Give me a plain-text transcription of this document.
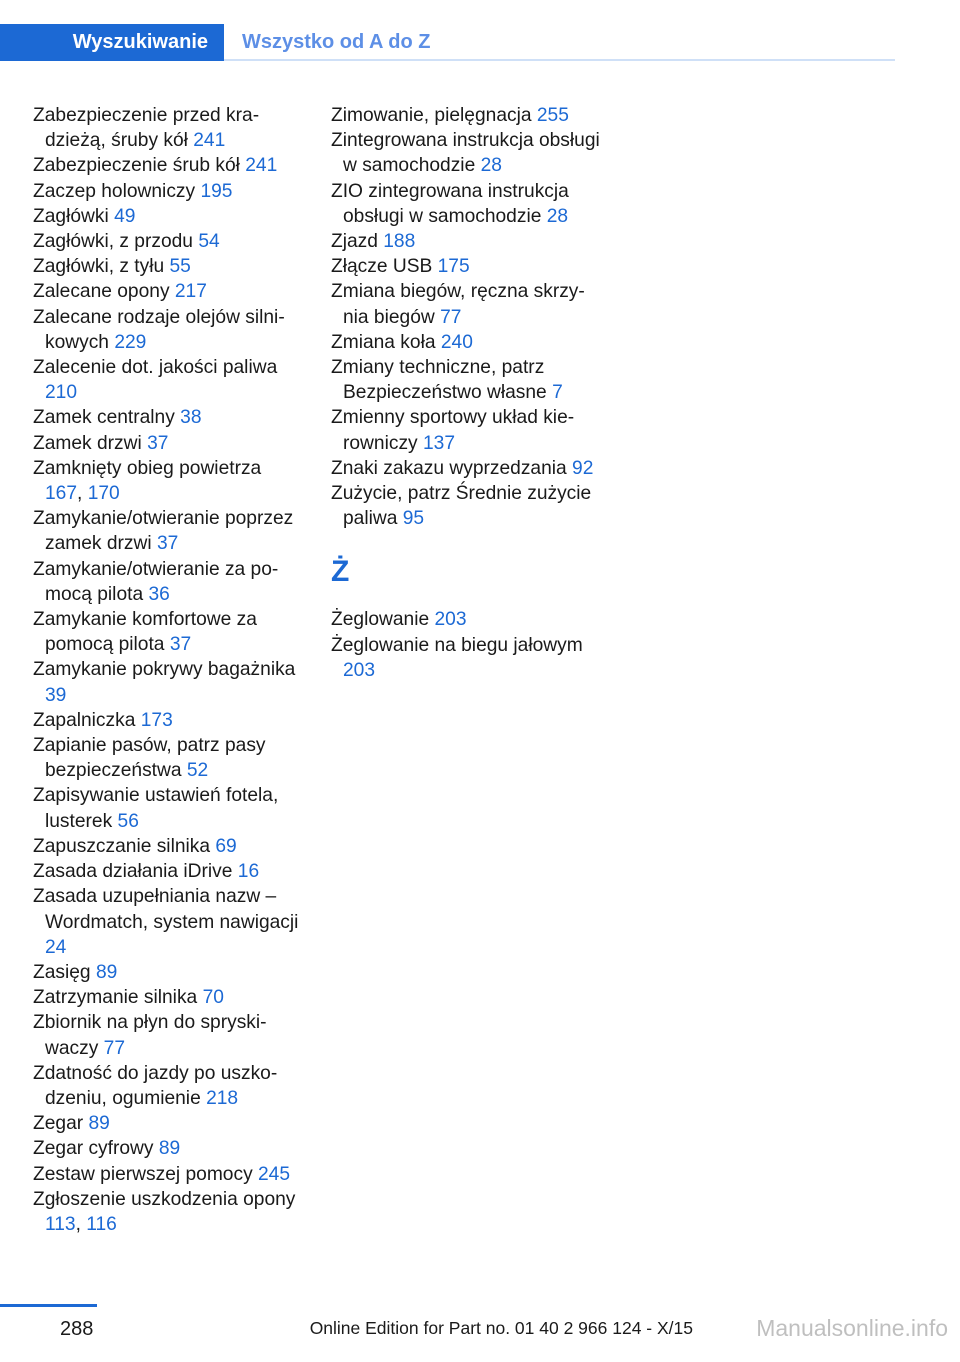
Wyszukiwanie Wszystko od A do Z
Zabezpieczenie przed kradzieżą, śruby kół 241
Zabezpieczenie śrub kół 241
Zaczep holowniczy 195
Zagłówki 49
Zagłówki, z przodu 54
Zagłówki, z tyłu 55
Zalecane opony 217
Zalecane rodzaje olejów silnikowych 229
Zalecenie dot. jakości paliwa 210
Zamek centralny 38
Zamek drzwi 37
Zamknięty obieg powietrza 167, 170
Zamykanie/otwieranie poprzez zamek drzwi 37
Zamykanie/otwieranie za pomocą pilota 36
Zamykanie komfortowe za pomocą pilota 37
Zamykanie pokrywy bagażnika 39
Zapalniczka 173
Zapianie pasów, patrz pasy bezpieczeństwa 52
Zapisywanie ustawień fotela, lusterek 56
Zapuszczanie silnika 69
Zasada działania iDrive 16
Zasada uzupełniania nazw – Wordmatch, system nawigacji 24
Zasięg 89
Zatrzymanie silnika 70
Zbiornik na płyn do spryskiwaczy 77
Zdatność do jazdy po uszkodzeniu, ogumienie 218
Zegar 89
Zegar cyfrowy 89
Zestaw pierwszej pomocy 245
Zgłoszenie uszkodzenia opony 113, 116
Zimowanie, pielęgnacja 255
Zintegrowana instrukcja obsługi w samochodzie 28
ZIO zintegrowana instrukcja obsługi w samochodzie 28
Zjazd 188
Złącze USB 175
Zmiana biegów, ręczna skrzynia biegów 77
Zmiana koła 240
Zmiany techniczne, patrz Bezpieczeństwo własne 7
Zmienny sportowy układ kierowniczy 137
Znaki zakazu wyprzedzania 92
Zużycie, patrz Średnie zużycie paliwa 95
Ż
Żeglowanie 203
Żeglowanie na biegu jałowym 203
288	Online Edition for Part no. 01 40 2 966 124 - X/15	Manualsonline.info
